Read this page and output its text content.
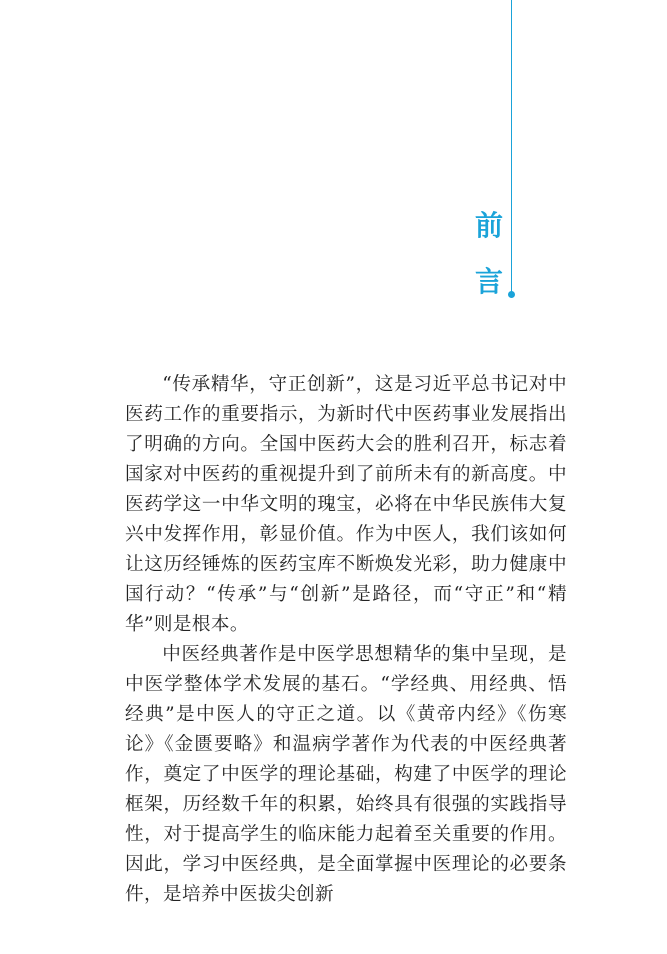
前
言

“传承精华，守正创新”，这是习近平总书记对中医药工作的重要指示，为新时代中医药事业发展指出了明确的方向。全国中医药大会的胜利召开，标志着国家对中医药的重视提升到了前所未有的新高度。中医药学这一中华文明的瑰宝，必将在中华民族伟大复兴中发挥作用，彰显价值。作为中医人，我们该如何让这历经锤炼的医药宝库不断焕发光彩，助力健康中国行动？“传承”与“创新”是路径，而“守正”和“精华”则是根本。

中医经典著作是中医学思想精华的集中呈现，是中医学整体学术发展的基石。“学经典、用经典、悟经典”是中医人的守正之道。以《黄帝内经》《伤寒论》《金匮要略》和温病学著作为代表的中医经典著作，奠定了中医学的理论基础，构建了中医学的理论框架，历经数千年的积累，始终具有很强的实践指导性，对于提高学生的临床能力起着至关重要的作用。因此，学习中医经典，是全面掌握中医理论的必要条件，是培养中医拔尖创新
